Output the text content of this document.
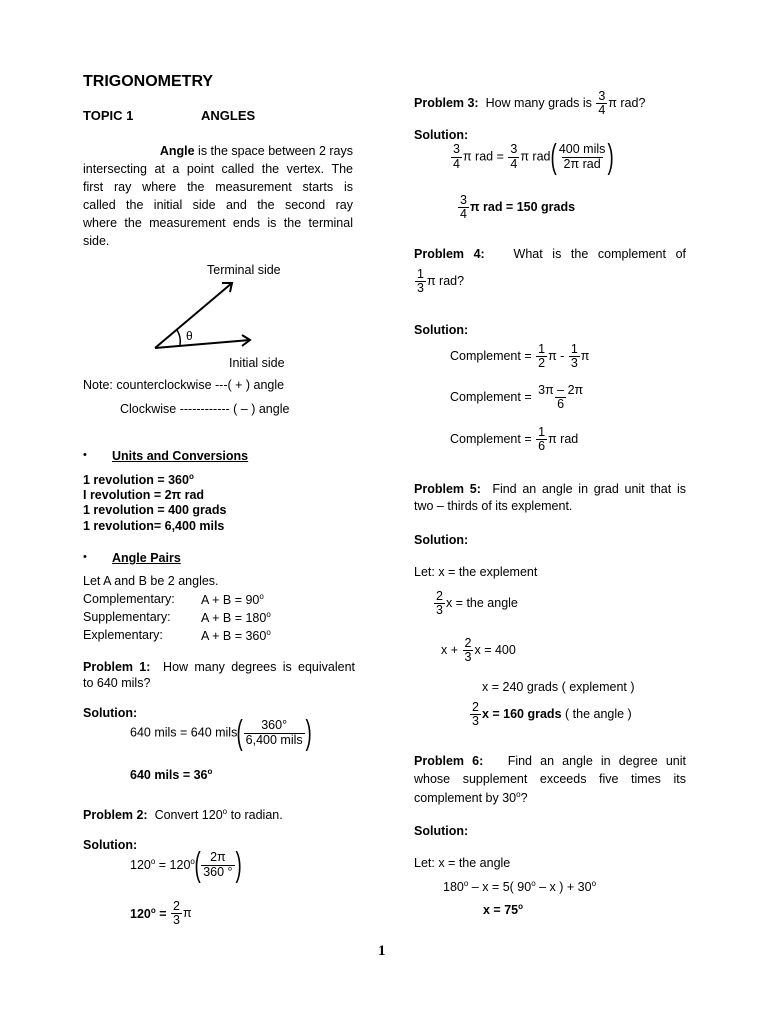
TRIGONOMETRY
TOPIC 1	ANGLES
Angle is the space between 2 rays
intersecting at a point called the vertex. The
first ray where the measurement starts is
called the initial side and the second ray
where the measurement ends is the terminal
side.
Terminal side
θ
Initial side
Note: counterclockwise ---( + ) angle
Clockwise ------------ ( – ) angle
• Units and Conversions
1 revolution = $360^o$
I revolution = 2π rad
1 revolution = 400 grads
1 revolution= 6,400 mils
• Angle Pairs
Let A and B be 2 angles.
Complementary: $A + B = 90^o$
Supplementary: $A + B = 180^o$
Explementary:	$A + B = 360^o$
Problem 1: How many degrees is equivalent
to 640 mils?
Solution:
640 mils = 640 mils( $\frac{360^\circ}{\text{6,400 mils}}$ )
640 mils = $36^o$
Problem 2: Convert 120$^o$ to radian.
Solution:
$120^o = 120^o( \frac{2\pi}{360 ^\circ}$ )
$120^o = \frac{2}{3}$ π
Problem 3: How many grads is $\frac{3}{4}$ π rad?
Solution:
$\frac{3}{4}$ π rad = $\frac{3}{4}$ π $rad( \frac{\text{400 mils}}{\text{2π rad}}$ )
$\frac{3}{4}$ π rad = 150 grads
Problem 4: What is the complement of
$\frac{1}{3}$ π rad?
Solution:
Complement = $\frac{1}{2}$ π - $\frac{1}{3}$ π
Complement = $\frac{3\pi - 2\pi}{6}$
Complement = $\frac{1}{6}$ π rad
Problem 5: Find an angle in grad unit that is
two – thirds of its explement.
Solution:
Let: x = the explement
$\frac{2}{3}$ x = the angle
$x + \frac{2}{3}$ x = 400
x = 240 grads ( explement )
$\frac{2}{3}$ x = 160 grads ( the angle )
Problem 6: Find an angle in degree unit
whose supplement exceeds five times its
complement by 30$^o$?
Solution:
Let: x = the angle
180$^o$ – x = 5( 90$^o$ – x ) + $30^o$
$x = 75^o$
1
